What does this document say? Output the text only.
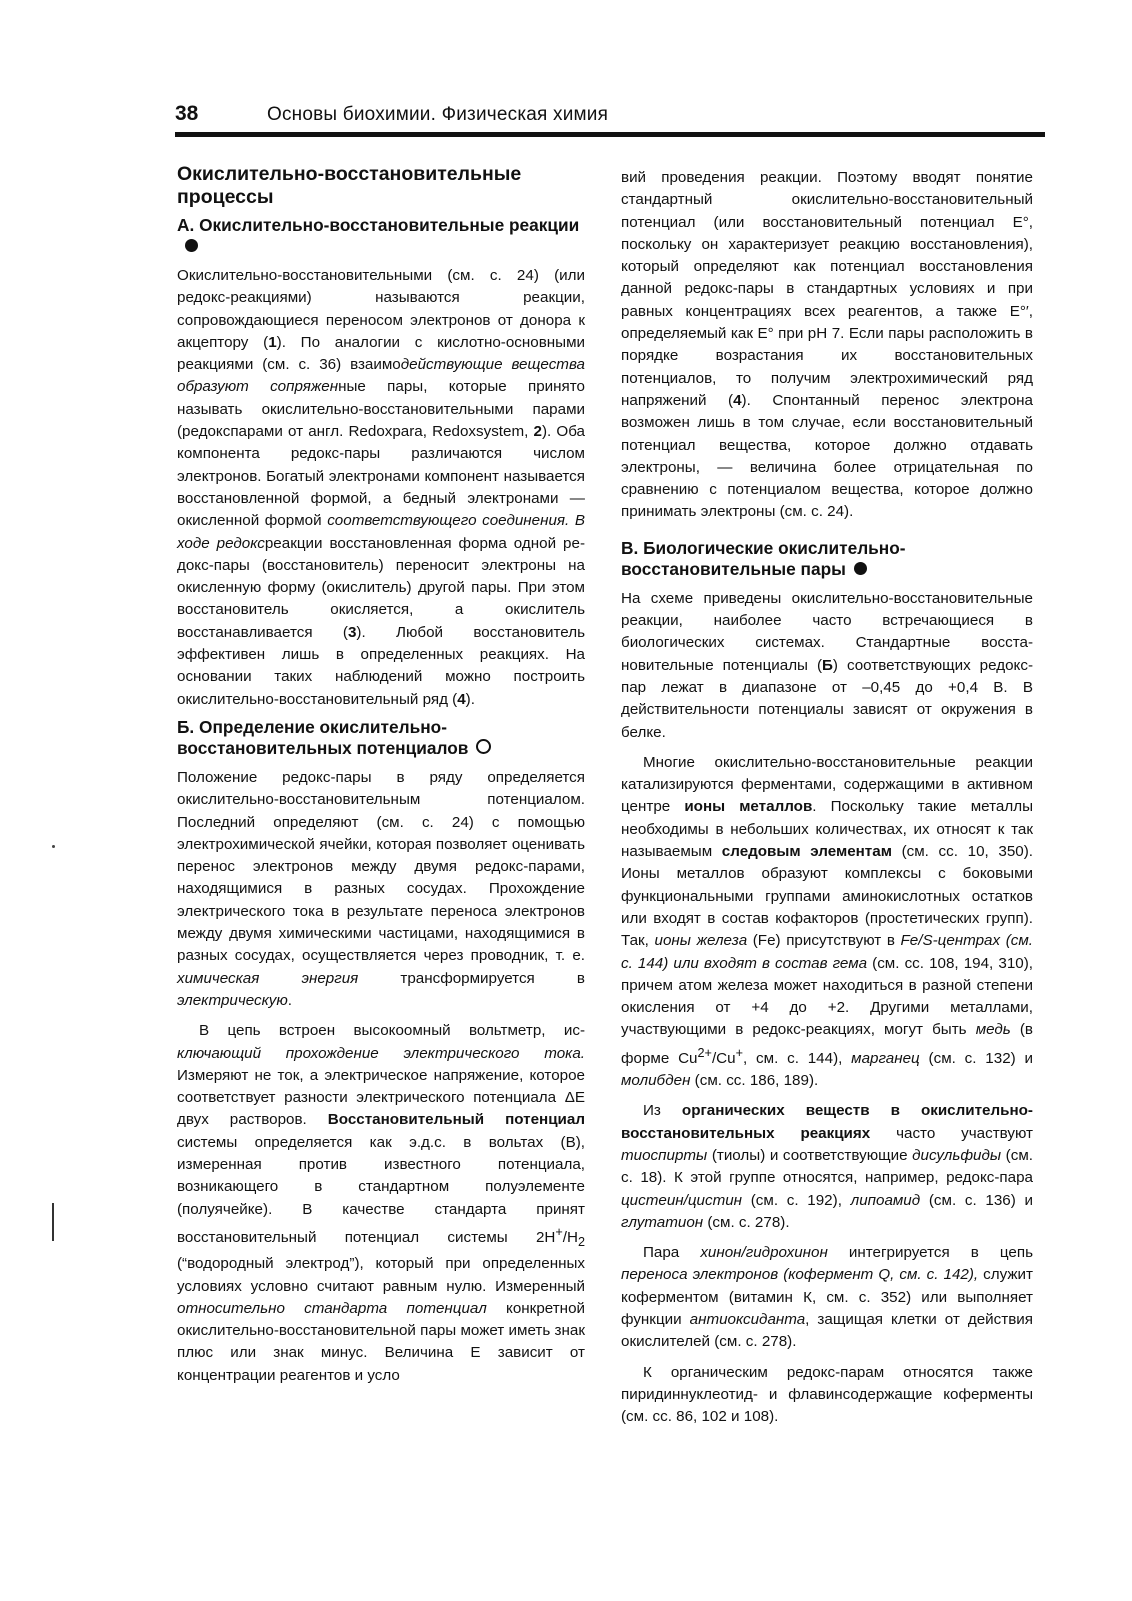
38	Основы биохимии. Физическая химия
Окислительно-восстановительные процессы
А. Окислительно-восстановительные реакции

Окислительно-восстановительными (см. с. 24) (или редокс-реакциями) называются реакции, сопровождающиеся переносом электронов от донора к акцептору (1). По аналогии с кислотно-основными реакциями (см. с. 36) взаимодействующие вещества образуют сопряженные пары, которые принято называть окислительно-восстановительными парами (редокспарами от англ. Redoxpara, Redoxsystem, 2). Оба компонента редокс-пары различаются числом электронов. Богатый электронами компонент называется восстановленной формой, а бедный электронами — окисленной формой соответствующего соединения. В ходе редоксреакции восстановленная форма одной редокс-пары (восстановитель) переносит электроны на окисленную форму (окислитель) другой пары. При этом восстановитель окисляется, а окислитель восстанавливается (3). Любой восстановитель эффективен лишь в определенных реакциях. На основании таких наблюдений можно построить окислительно-восстановительный ряд (4).

Б. Определение окислительно-
восстановительных потенциалов

Положение редокс-пары в ряду определяется окислительно-восстановительным потенциалом. Последний определяют (см. с. 24) с помощью электрохимической ячейки, которая позволяет оценивать перенос электронов между двумя редокс-парами, находящимися в разных сосудах. Прохождение электрического тока в результате переноса электронов между двумя химическими частицами, находящимися в разных сосудах, осуществляется через проводник, т. е. химическая энергия трансформируется в электрическую.

В цепь встроен высокоомный вольтметр, исключающий прохождение электрического тока. Измеряют не ток, а электрическое напряжение, которое соответствует разности электрического потенциала ΔE двух растворов. Восстановительный потенциал системы определяется как э.д.с. в вольтах (В), измеренная против известного потенциала, возникающего в стандартном полуэлементе (полуячейке). В качестве стандарта принят восстановительный потенциал системы $2H^+/H_2$ (“водородный электрод”), который при определенных условиях условно считают равным нулю. Измеренный относительно стандарта потенциал конкретной окислительно-восстановительной пары может иметь знак плюс или знак минус. Величина E зависит от концентрации реагентов и усло

вий проведения реакции. Поэтому вводят понятие стандартный окислительно-восстановительный потенциал (или восстановительный потенциал E°, поскольку он характеризует реакцию восстановления), который определяют как потенциал восстановления данной редокс-пары в стандартных условиях и при равных концентрациях всех реагентов, а также E°′, определяемый как E° при pH 7. Если пары расположить в порядке возрастания их восстановительных потенциалов, то получим электрохимический ряд напряжений (4). Спонтанный перенос электрона возможен лишь в том случае, если восстановительный потенциал вещества, которое должно отдавать электроны, — величина более отрицательная по сравнению с потенциалом вещества, которое должно принимать электроны (см. с. 24).

В. Биологические окислительно-
восстановительные пары

На схеме приведены окислительно-восстановительные реакции, наиболее часто встречающиеся в биологических системах. Стандартные восстановительные потенциалы (Б) соответствующих редокс-пар лежат в диапазоне от –0,45 до +0,4 В. В действительности потенциалы зависят от окружения в белке.

Многие окислительно-восстановительные реакции катализируются ферментами, содержащими в активном центре ионы металлов. Поскольку такие металлы необходимы в небольших количествах, их относят к так называемым следовым элементам (см. сс. 10, 350). Ионы металлов образуют комплексы с боковыми функциональными группами аминокислотных остатков или входят в состав кофакторов (простетических групп). Так, ионы железа (Fe) присутствуют в Fe/S-центрах (см. с. 144) или входят в состав гема (см. сс. 108, 194, 310), причем атом железа может находиться в разной степени окисления от +4 до +2. Другими металлами, участвующими в редокс-реакциях, могут быть медь (в форме $Cu^{2+}/Cu^+$, см. с. 144), марганец (см. с. 132) и молибден (см. сс. 186, 189).

Из органических веществ в окислительно-восстановительных реакциях часто участвуют тиоспирты (тиолы) и соответствующие дисульфиды (см. с. 18). К этой группе относятся, например, редокс-пара цистеин/цистин (см. с. 192), липоамид (см. с. 136) и глутатион (см. с. 278).

Пара хинон/гидрохинон интегрируется в цепь переноса электронов (кофермент Q, см. с. 142), служит коферментом (витамин К, см. с. 352) или выполняет функции антиоксиданта, защищая клетки от действия окислителей (см. с. 278).

К органическим редокс-парам относятся также пиридиннуклеотид- и флавинсодержащие коферменты (см. сс. 86, 102 и 108).
